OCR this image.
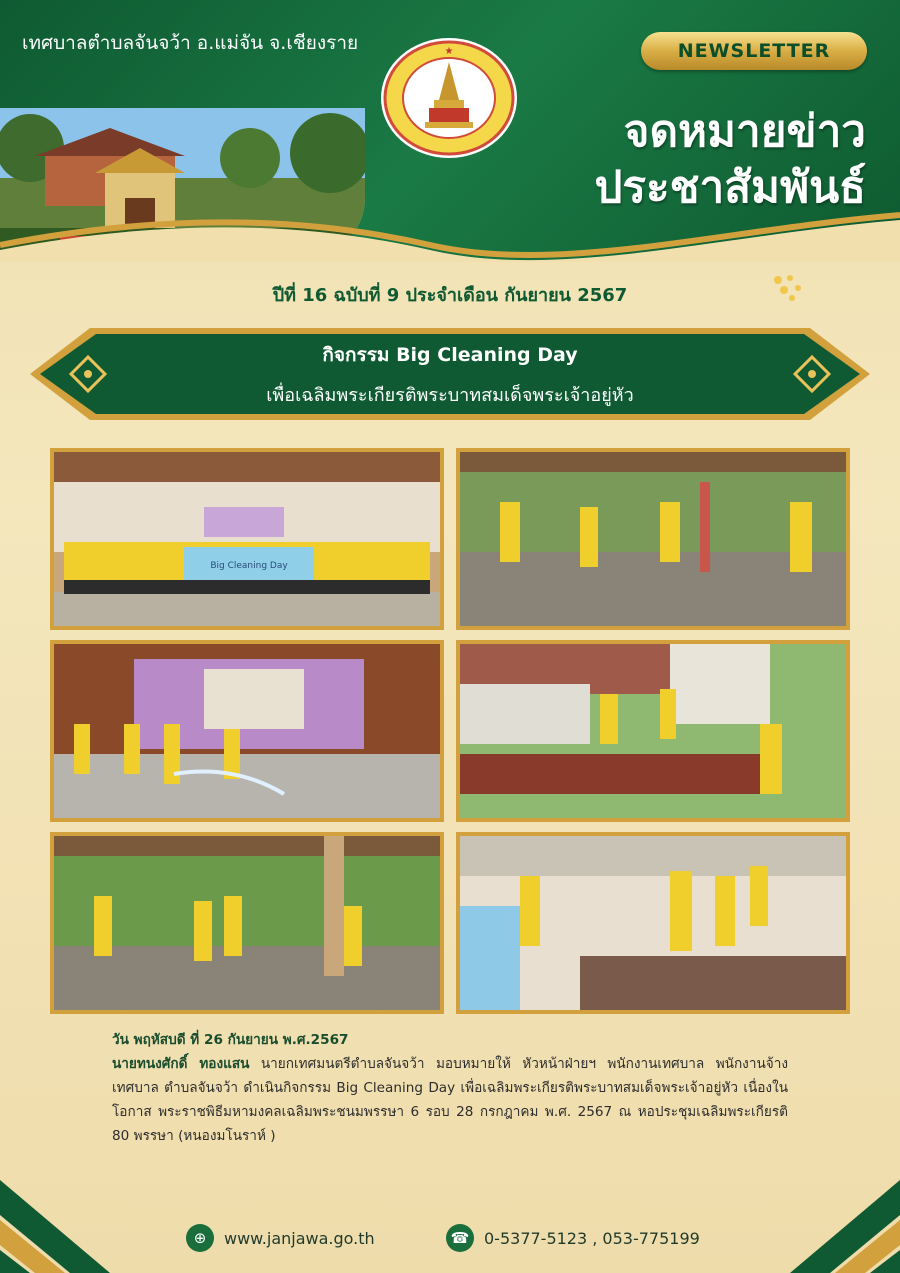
เทศบาลตำบลจันจว้า อ.แม่จัน จ.เชียงราย	NEWSLETTER
จดหมายข่าว
ประชาสัมพันธ์
★
ปีที่ 16 ฉบับที่ 9 ประจำเดือน กันยายน 2567
กิจกรรม Big Cleaning Day
เพื่อเฉลิมพระเกียรติพระบาทสมเด็จพระเจ้าอยู่หัว
Big Cleaning Day
วัน พฤหัสบดี ที่ 26 กันยายน พ.ศ.2567

นายทนงศักดิ์ ทองแสน นายกเทศมนตรีตำบลจันจว้า มอบหมายให้ หัวหน้าฝ่ายฯ พนักงานเทศบาล พนักงานจ้างเทศบาล ตำบลจันจว้า ดำเนินกิจกรรม Big Cleaning Day เพื่อเฉลิมพระเกียรติพระบาทสมเด็จพระเจ้าอยู่หัว เนื่องในโอกาส พระราชพิธีมหามงคลเฉลิมพระชนมพรรษา 6 รอบ 28 กรกฎาคม พ.ศ. 2567 ณ หอประชุมเฉลิมพระเกียรติ 80 พรรษา (หนองมโนราห์ )

⊕	www.janjawa.go.th	☎ 0-5377-5123 , 053-775199
